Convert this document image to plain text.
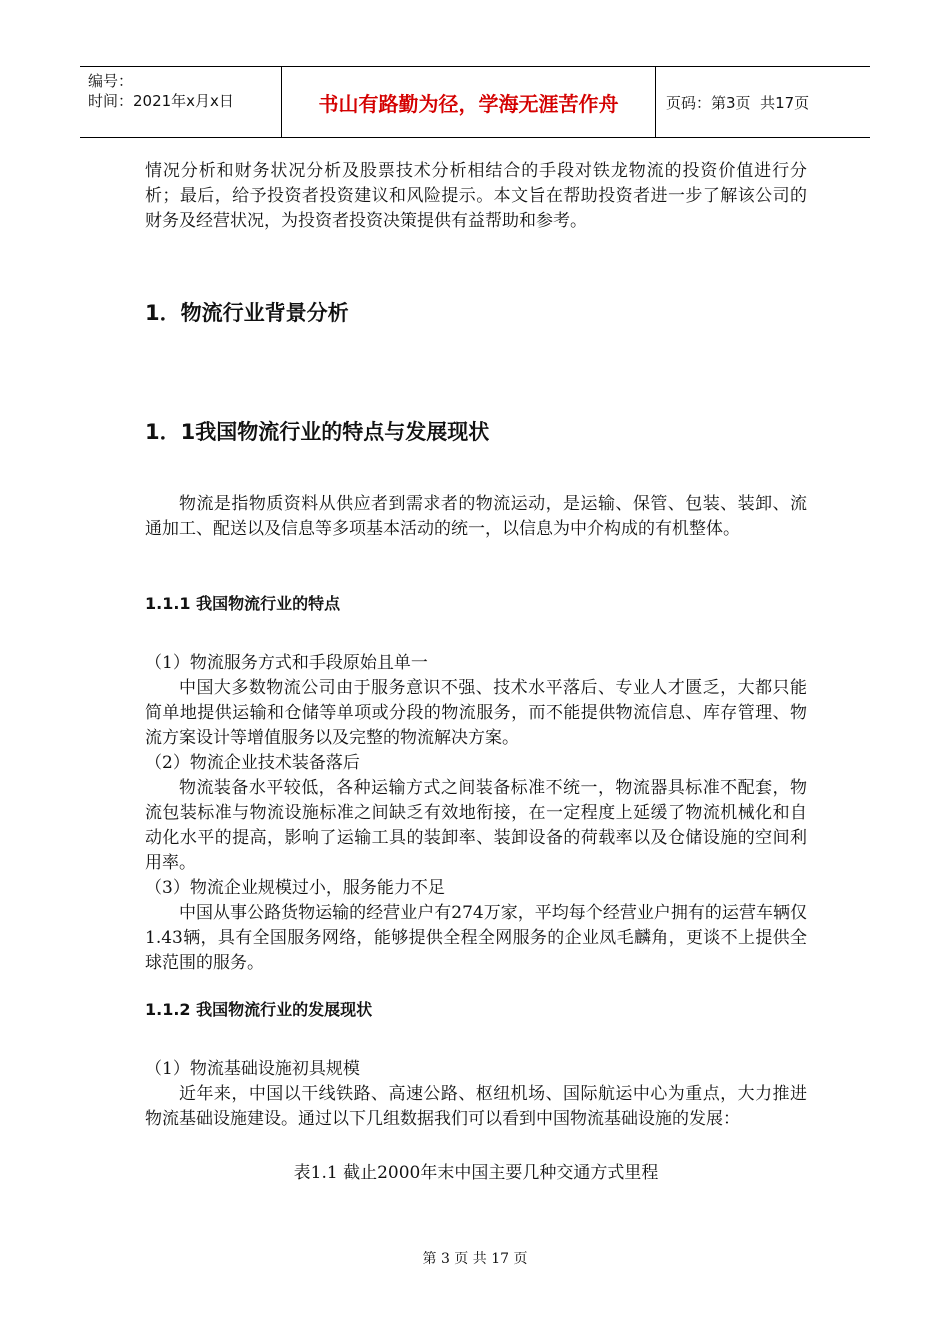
编号：
时间：2021年x月x日	书山有路勤为径，学海无涯苦作舟	页码：第3页  共17页

情况分析和财务状况分析及股票技术分析相结合的手段对铁龙物流的投资价值进行分析；最后，给予投资者投资建议和风险提示。本文旨在帮助投资者进一步了解该公司的财务及经营状况，为投资者投资决策提供有益帮助和参考。

1．物流行业背景分析
1．1我国物流行业的特点与发展现状

物流是指物质资料从供应者到需求者的物流运动，是运输、保管、包装、装卸、流通加工、配送以及信息等多项基本活动的统一，以信息为中介构成的有机整体。

1.1.1 我国物流行业的特点

（1）物流服务方式和手段原始且单一

中国大多数物流公司由于服务意识不强、技术水平落后、专业人才匮乏，大都只能简单地提供运输和仓储等单项或分段的物流服务，而不能提供物流信息、库存管理、物流方案设计等增值服务以及完整的物流解决方案。

（2）物流企业技术装备落后

物流装备水平较低，各种运输方式之间装备标准不统一，物流器具标准不配套，物流包装标准与物流设施标准之间缺乏有效地衔接，在一定程度上延缓了物流机械化和自动化水平的提高，影响了运输工具的装卸率、装卸设备的荷载率以及仓储设施的空间利用率。

（3）物流企业规模过小，服务能力不足

中国从事公路货物运输的经营业户有274万家，平均每个经营业户拥有的运营车辆仅1.43辆，具有全国服务网络，能够提供全程全网服务的企业凤毛麟角，更谈不上提供全球范围的服务。

1.1.2 我国物流行业的发展现状

（1）物流基础设施初具规模

近年来，中国以干线铁路、高速公路、枢纽机场、国际航运中心为重点，大力推进物流基础设施建设。通过以下几组数据我们可以看到中国物流基础设施的发展：

表1.1 截止2000年末中国主要几种交通方式里程
第 3 页 共 17 页
